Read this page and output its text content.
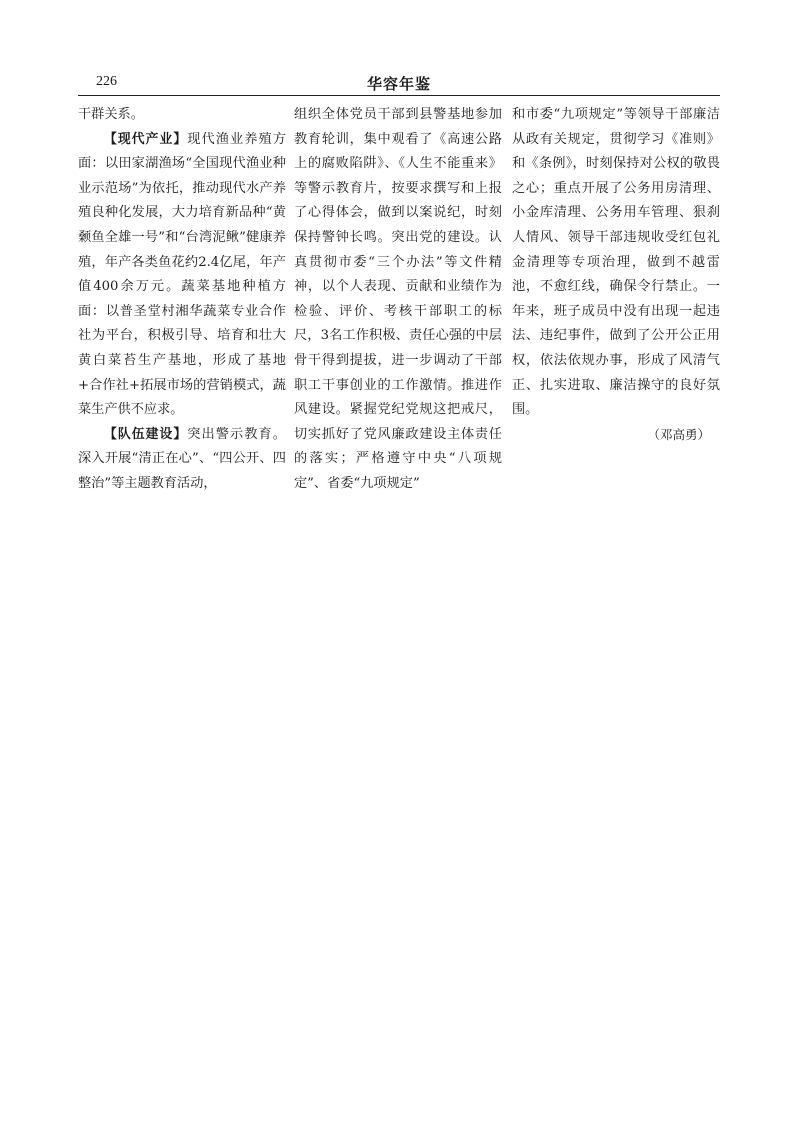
226	华容年鉴

干群关系。

【现代产业】现代渔业养殖方面：以田家湖渔场“全国现代渔业种业示范场”为依托，推动现代水产养殖良种化发展，大力培育新品种“黄颡鱼全雄一号”和“台湾泥鳅”健康养殖，年产各类鱼花约2.4亿尾，年产值400余万元。蔬菜基地种植方面：以普圣堂村湘华蔬菜专业合作社为平台，积极引导、培育和壮大黄白菜苔生产基地，形成了基地+合作社+拓展市场的营销模式，蔬菜生产供不应求。

【队伍建设】突出警示教育。深入开展“清正在心”、“四公开、四整治”等主题教育活动，

组织全体党员干部到县警基地参加教育轮训，集中观看了《高速公路上的腐败陷阱》、《人生不能重来》等警示教育片，按要求撰写和上报了心得体会，做到以案说纪，时刻保持警钟长鸣。突出党的建设。认真贯彻市委“三个办法”等文件精神，以个人表现、贡献和业绩作为检验、评价、考核干部职工的标尺，3名工作积极、责任心强的中层骨干得到提拔，进一步调动了干部职工干事创业的工作激情。推进作风建设。紧握党纪党规这把戒尺，切实抓好了党风廉政建设主体责任的落实；严格遵守中央“八项规定”、省委“九项规定”

和市委“九项规定”等领导干部廉洁从政有关规定，贯彻学习《准则》和《条例》，时刻保持对公权的敬畏之心；重点开展了公务用房清理、小金库清理、公务用车管理、狠刹人情风、领导干部违规收受红包礼金清理等专项治理，做到不越雷池，不愈红线，确保令行禁止。一年来，班子成员中没有出现一起违法、违纪事件，做到了公开公正用权，依法依规办事，形成了风清气正、扎实进取、廉洁操守的良好氛围。

（邓高勇）
